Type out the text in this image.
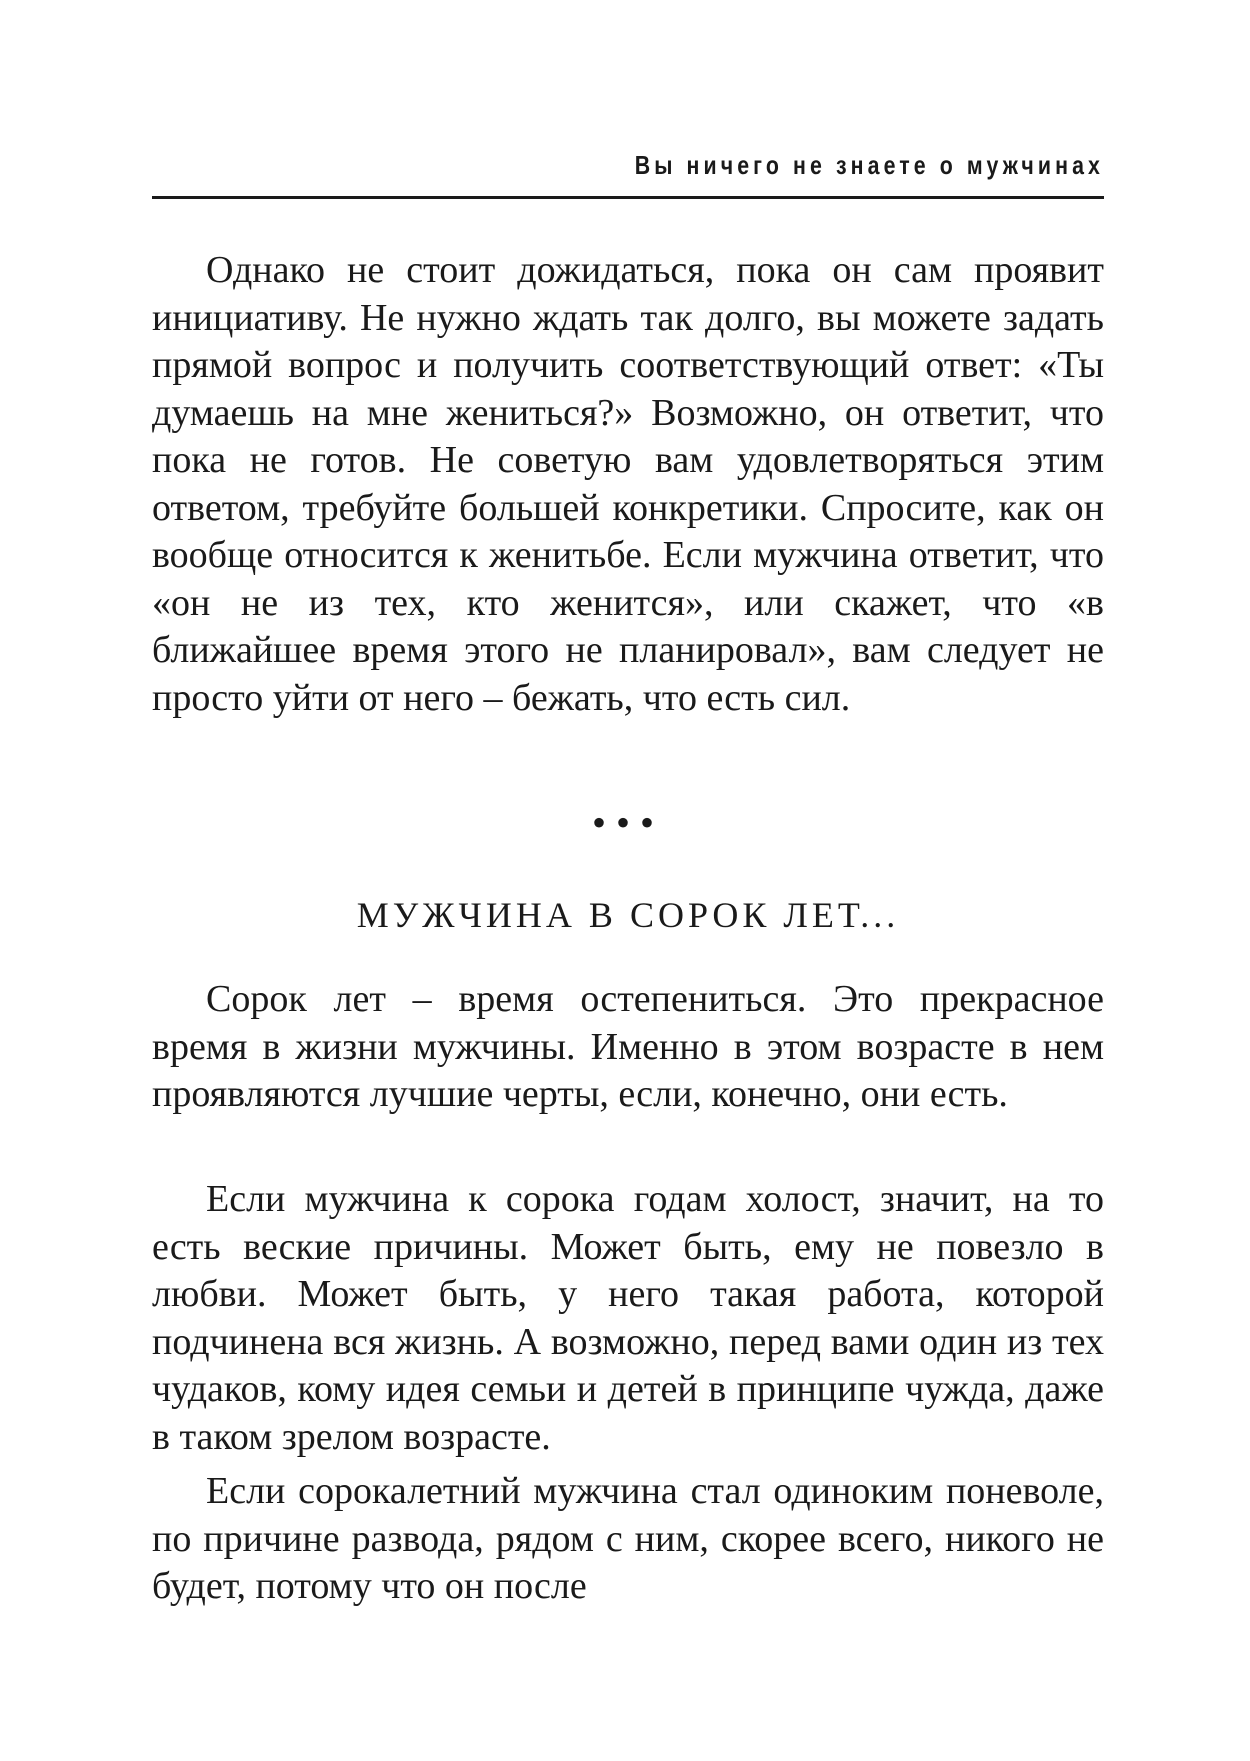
Вы ничего не знаете о мужчинах

Однако не стоит дожидаться, пока он сам проявит инициативу. Не нужно ждать так долго, вы можете задать прямой вопрос и получить соответствующий ответ: «Ты думаешь на мне жениться?» Возможно, он ответит, что пока не готов. Не советую вам удовлетворяться этим ответом, требуйте большей конкретики. Спросите, как он вообще относится к женитьбе. Если мужчина ответит, что «он не из тех, кто женится», или скажет, что «в ближайшее время этого не планировал», вам следует не просто уйти от него – бежать, что есть сил.

•••
МУЖЧИНА В СОРОК ЛЕТ...

Сорок лет – время остепениться. Это прекрасное время в жизни мужчины. Именно в этом возрасте в нем проявляются лучшие черты, если, конечно, они есть.

Если мужчина к сорока годам холост, значит, на то есть веские причины. Может быть, ему не повезло в любви. Может быть, у него такая работа, которой подчинена вся жизнь. А возможно, перед вами один из тех чудаков, кому идея семьи и детей в принципе чужда, даже в таком зрелом возрасте.

Если сорокалетний мужчина стал одиноким поневоле, по причине развода, рядом с ним, скорее всего, никого не будет, потому что он после
